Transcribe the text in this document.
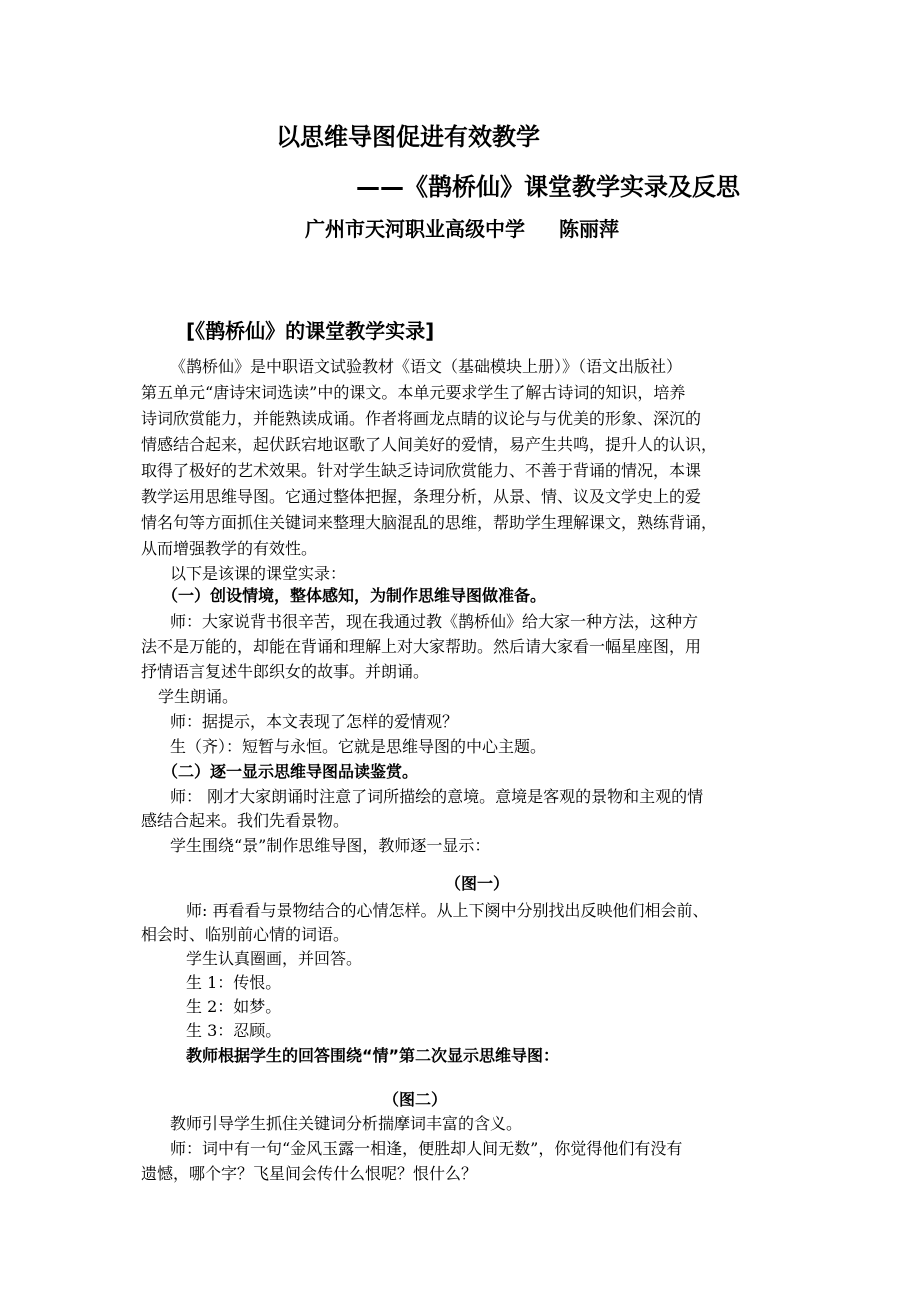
以思维导图促进有效教学
——《鹊桥仙》课堂教学实录及反思
广州市天河职业高级中学 陈丽萍
[《鹊桥仙》的课堂教学实录]
《鹊桥仙》是中职语文试验教材《语文（基础模块上册）》（语文出版社）
第五单元“唐诗宋词选读”中的课文。本单元要求学生了解古诗词的知识，培养
诗词欣赏能力，并能熟读成诵。作者将画龙点睛的议论与与优美的形象、深沉的
情感结合起来，起伏跃宕地讴歌了人间美好的爱情，易产生共鸣，提升人的认识，
取得了极好的艺术效果。针对学生缺乏诗词欣赏能力、不善于背诵的情况，本课
教学运用思维导图。它通过整体把握，条理分析，从景、情、议及文学史上的爱
情名句等方面抓住关键词来整理大脑混乱的思维，帮助学生理解课文，熟练背诵，
从而增强教学的有效性。
以下是该课的课堂实录：
（一）创设情境，整体感知，为制作思维导图做准备。
师：大家说背书很辛苦，现在我通过教《鹊桥仙》给大家一种方法，这种方
法不是万能的，却能在背诵和理解上对大家帮助。然后请大家看一幅星座图，用
抒情语言复述牛郎织女的故事。并朗诵。
学生朗诵。
师：据提示，本文表现了怎样的爱情观？
生（齐）：短暂与永恒。它就是思维导图的中心主题。
（二）逐一显示思维导图品读鉴赏。
师： 刚才大家朗诵时注意了词所描绘的意境。意境是客观的景物和主观的情
感结合起来。我们先看景物。
学生围绕“景”制作思维导图，教师逐一显示：
（图一）
师: 再看看与景物结合的心情怎样。从上下阕中分别找出反映他们相会前、
相会时、临别前心情的词语。
学生认真圈画，并回答。
生 1：传恨。
生 2：如梦。
生 3：忍顾。
教师根据学生的回答围绕“情”第二次显示思维导图：
（图二）
教师引导学生抓住关键词分析揣摩词丰富的含义。
师：词中有一句“金风玉露一相逢，便胜却人间无数”，你觉得他们有没有
遗憾，哪个字？飞星间会传什么恨呢？恨什么？
